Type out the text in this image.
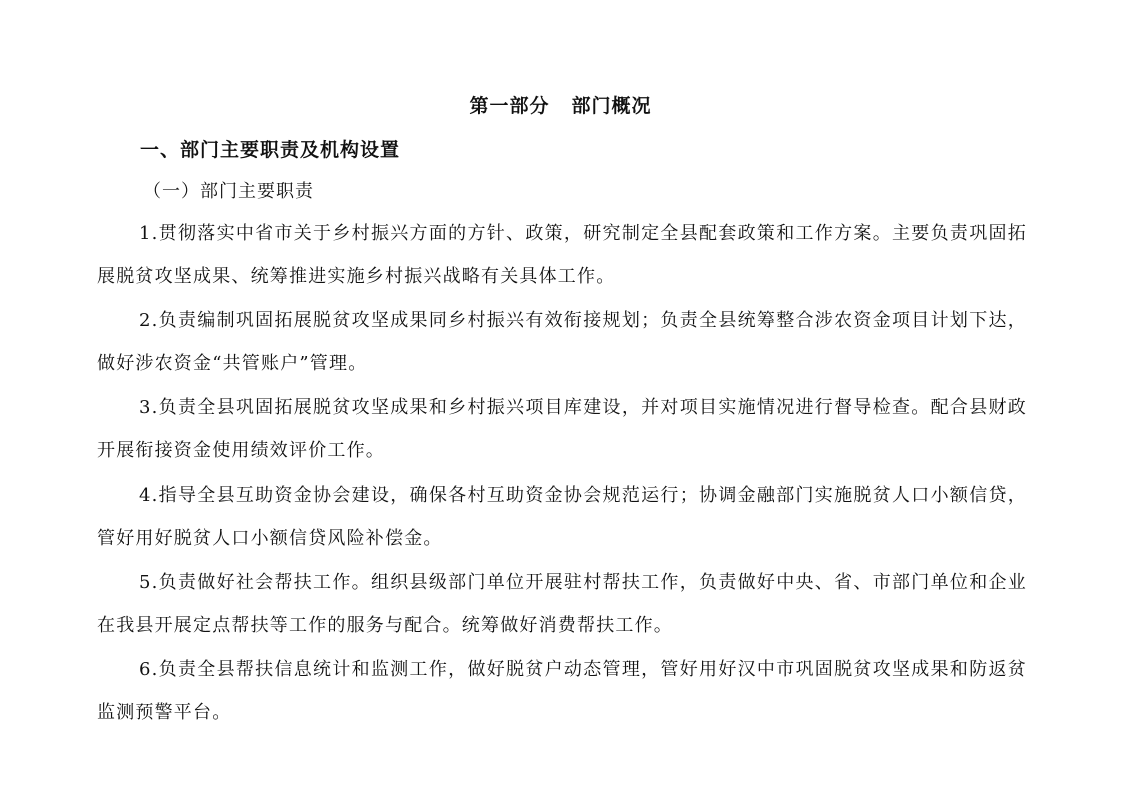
第一部分 部门概况
一、部门主要职责及机构设置
（一）部门主要职责

1.贯彻落实中省市关于乡村振兴方面的方针、政策，研究制定全县配套政策和工作方案。主要负责巩固拓展脱贫攻坚成果、统筹推进实施乡村振兴战略有关具体工作。

2.负责编制巩固拓展脱贫攻坚成果同乡村振兴有效衔接规划；负责全县统筹整合涉农资金项目计划下达，做好涉农资金“共管账户”管理。

3.负责全县巩固拓展脱贫攻坚成果和乡村振兴项目库建设，并对项目实施情况进行督导检查。配合县财政开展衔接资金使用绩效评价工作。

4.指导全县互助资金协会建设，确保各村互助资金协会规范运行；协调金融部门实施脱贫人口小额信贷，管好用好脱贫人口小额信贷风险补偿金。

5.负责做好社会帮扶工作。组织县级部门单位开展驻村帮扶工作，负责做好中央、省、市部门单位和企业在我县开展定点帮扶等工作的服务与配合。统筹做好消费帮扶工作。

6.负责全县帮扶信息统计和监测工作，做好脱贫户动态管理，管好用好汉中市巩固脱贫攻坚成果和防返贫监测预警平台。
